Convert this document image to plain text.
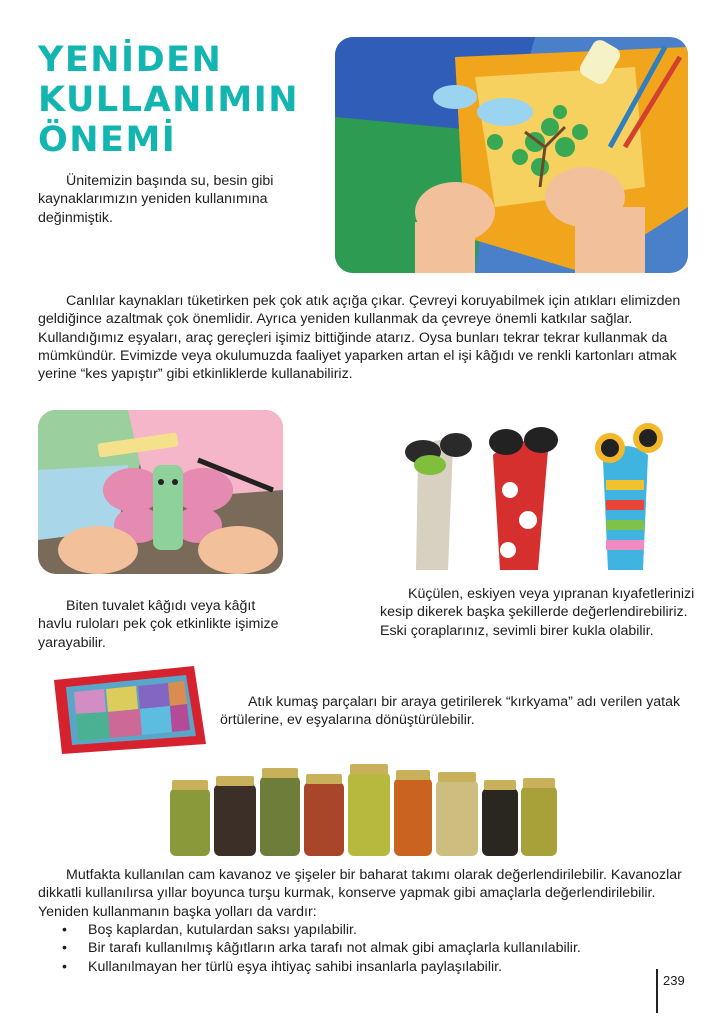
YENİDEN
KULLANIMIN
ÖNEMİ

Ünitemizin başında su, besin gibi kaynaklarımızın yeniden kullanımına değinmiştik.

Canlılar kaynakları tüketirken pek çok atık açığa çıkar. Çevreyi koruyabilmek için atıkları elimizden geldiğince azaltmak çok önemlidir. Ayrıca yeniden kullanmak da çevreye önemli katkılar sağlar. Kullandığımız eşyaları, araç gereçleri işimiz bittiğinde atarız. Oysa bunları tekrar tekrar kullanmak da mümkündür. Evimizde veya okulumuzda faaliyet yaparken artan el işi kâğıdı ve renkli kartonları atmak yerine “kes yapıştır” gibi etkinliklerde kullanabiliriz.

Biten tuvalet kâğıdı veya kâğıt havlu ruloları pek çok etkinlikte işimize yarayabilir.

Küçülen, eskiyen veya yıpranan kıyafetlerinizi kesip dikerek başka şekillerde değerlendirebiliriz. Eski çoraplarınız, sevimli birer kukla olabilir.

Atık kumaş parçaları bir araya getirilerek “kırkyama” adı verilen yatak örtülerine, ev eşyalarına dönüştürülebilir.

Mutfakta kullanılan cam kavanoz ve şişeler bir baharat takımı olarak değerlendirilebilir. Kavanozlar dikkatli kullanılırsa yıllar boyunca turşu kurmak, konserve yapmak gibi amaçlarla değerlendirilebilir. Yeniden kullanmanın başka yolları da vardır:

• Boş kaplardan, kutulardan saksı yapılabilir.
• Bir tarafı kullanılmış kâğıtların arka tarafı not almak gibi amaçlarla kullanılabilir.
• Kullanılmayan her türlü eşya ihtiyaç sahibi insanlarla paylaşılabilir.
239
